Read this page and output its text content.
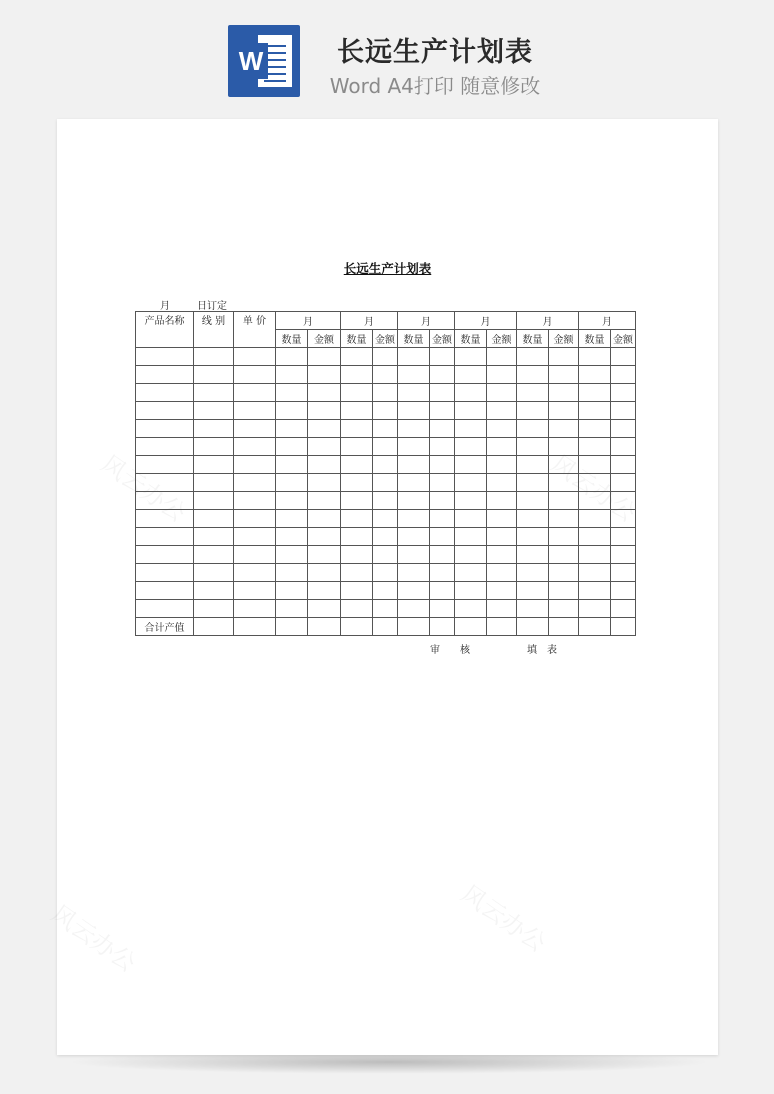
W	长远生产计划表
Word A4打印 随意修改
风云办公	风云办公
风云办公	风云办公
长远生产计划表
月	日订定
产品名称	线 别	单 价	月		月		月		月		月		月	
			数量	金额	数量	金额	数量	金额	数量	金额	数量	金额	数量	金额

合计产值														
审　　核	填　表
